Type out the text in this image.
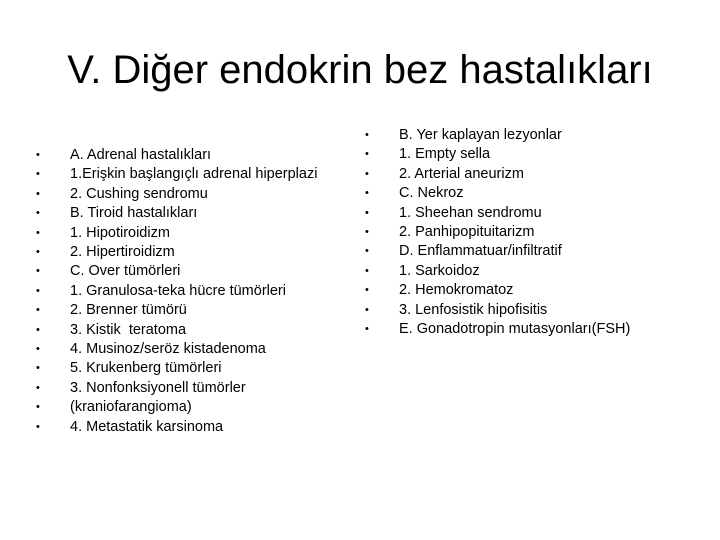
V. Diğer endokrin bez hastalıkları
• A. Adrenal hastalıkları
• 1.Erişkin başlangıçlı adrenal hiperplazi
• 2. Cushing sendromu
• B. Tiroid hastalıkları
• 1. Hipotiroidizm
• 2. Hipertiroidizm
• C. Over tümörleri
• 1. Granulosa-teka hücre tümörleri
• 2. Brenner tümörü
• 3. Kistik  teratoma
• 4. Musinoz/seröz kistadenoma
• 5. Krukenberg tümörleri
• 3. Nonfonksiyonell tümörler
• (kraniofarangioma)
• 4. Metastatik karsinoma
• B. Yer kaplayan lezyonlar
• 1. Empty sella
• 2. Arterial aneurizm
• C. Nekroz
• 1. Sheehan sendromu
• 2. Panhipopituitarizm
• D. Enflammatuar/infiltratif
• 1. Sarkoidoz
• 2. Hemokromatoz
• 3. Lenfosistik hipofisitis
• E. Gonadotropin mutasyonları(FSH)
